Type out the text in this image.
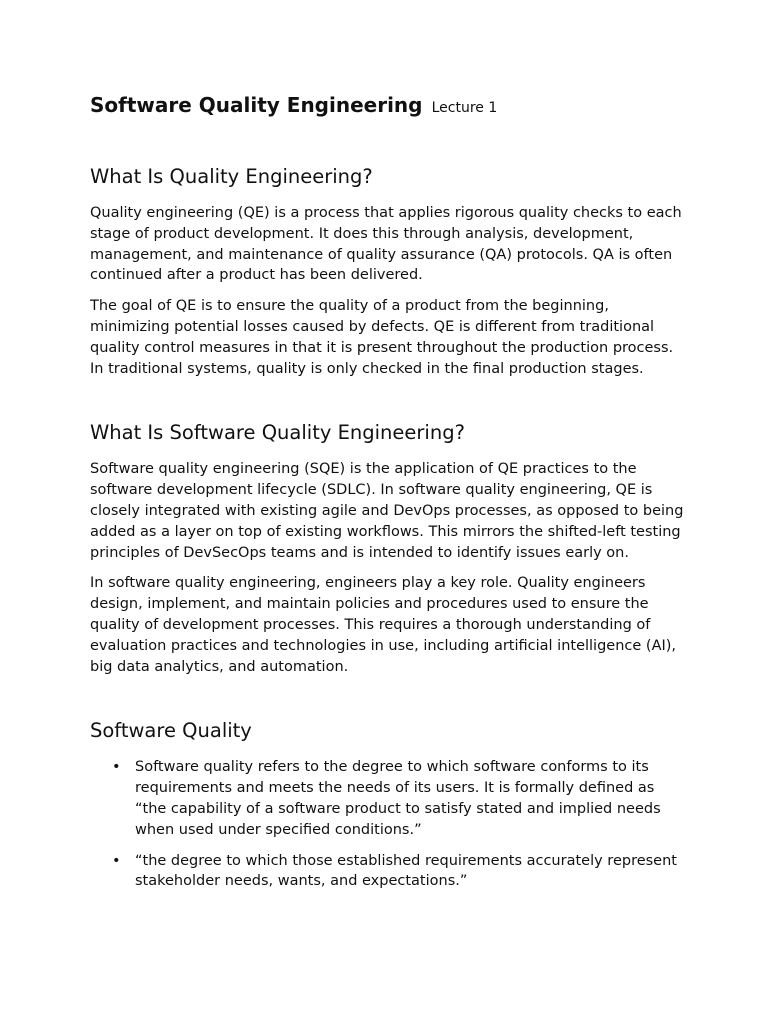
Software Quality Engineering Lecture 1
What Is Quality Engineering?

Quality engineering (QE) is a process that applies rigorous quality checks to each stage of product development. It does this through analysis, development, management, and maintenance of quality assurance (QA) protocols. QA is often continued after a product has been delivered.

The goal of QE is to ensure the quality of a product from the beginning, minimizing potential losses caused by defects. QE is different from traditional quality control measures in that it is present throughout the production process. In traditional systems, quality is only checked in the final production stages.

What Is Software Quality Engineering?

Software quality engineering (SQE) is the application of QE practices to the software development lifecycle (SDLC). In software quality engineering, QE is closely integrated with existing agile and DevOps processes, as opposed to being added as a layer on top of existing workflows. This mirrors the shifted-left testing principles of DevSecOps teams and is intended to identify issues early on.

In software quality engineering, engineers play a key role. Quality engineers design, implement, and maintain policies and procedures used to ensure the quality of development processes. This requires a thorough understanding of evaluation practices and technologies in use, including artificial intelligence (AI), big data analytics, and automation.

Software Quality
• Software quality refers to the degree to which software conforms to its requirements and meets the needs of its users. It is formally defined as “the capability of a software product to satisfy stated and implied needs when used under specified conditions.”
• “the degree to which those established requirements accurately represent stakeholder needs, wants, and expectations.”
